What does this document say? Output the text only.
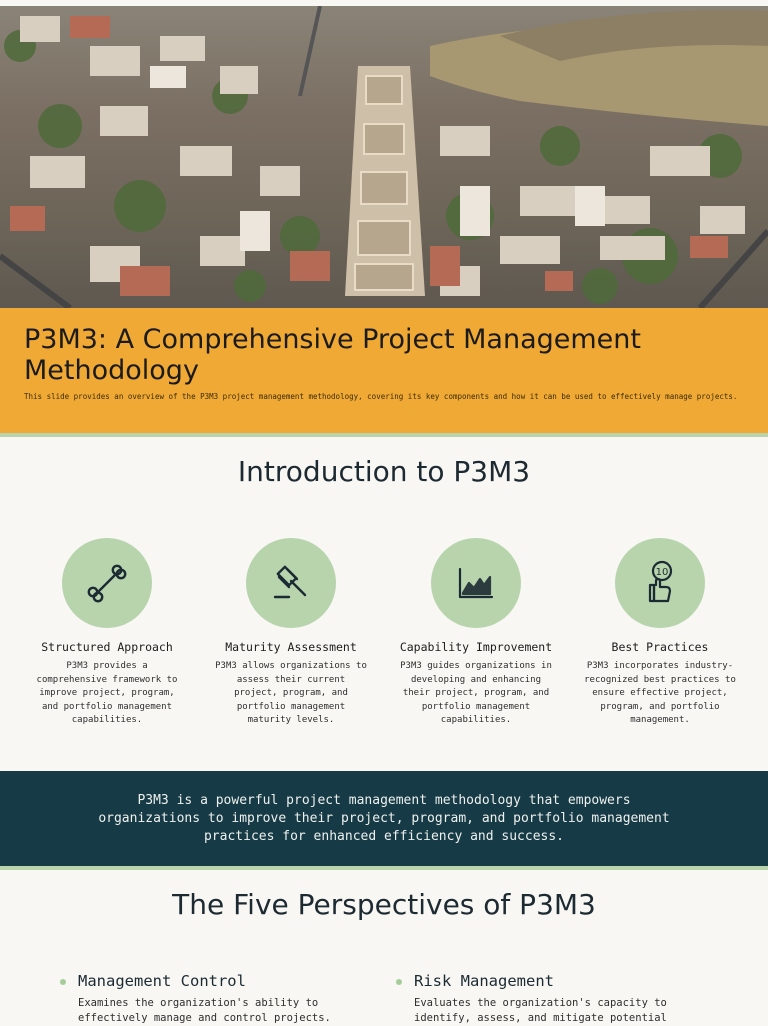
P3M3: A Comprehensive Project Management Methodology

This slide provides an overview of the P3M3 project management methodology, covering its key components and how it can be used to effectively manage projects.

Introduction to P3M3
Structured Approach

P3M3 provides a comprehensive framework to improve project, program, and portfolio management capabilities.

Maturity Assessment

P3M3 allows organizations to assess their current project, program, and portfolio management maturity levels.

Capability Improvement

P3M3 guides organizations in developing and enhancing their project, program, and portfolio management capabilities.

10
Best Practices

P3M3 incorporates industry-recognized best practices to ensure effective project, program, and portfolio management.

P3M3 is a powerful project management methodology that empowers organizations to improve their project, program, and portfolio management practices for enhanced efficiency and success.

The Five Perspectives of P3M3
Management Control

Examines the organization's ability to effectively manage and control projects.

Risk Management

Evaluates the organization's capacity to identify, assess, and mitigate potential
